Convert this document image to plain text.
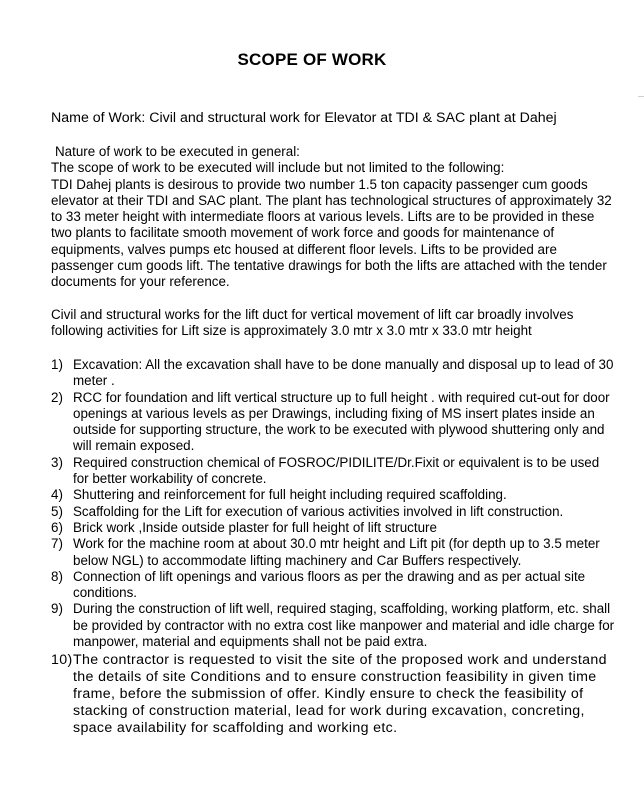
SCOPE OF WORK
Name of Work: Civil and structural work for Elevator at TDI & SAC plant at Dahej
Nature of work to be executed in general:
The scope of work to be executed will include but not limited to the following:
TDI Dahej plants is desirous to provide two number 1.5 ton capacity passenger cum goods elevator at their TDI and SAC plant. The plant has technological structures of approximately 32 to 33 meter height with intermediate floors at various levels. Lifts are to be provided in these two plants to facilitate smooth movement of work force and goods for maintenance of equipments, valves pumps etc housed at different floor levels. Lifts to be provided are passenger cum goods lift. The tentative drawings for both the lifts are attached with the tender documents for your reference.
Civil and structural works for the lift duct for vertical movement of lift car broadly involves following activities for Lift size is approximately 3.0 mtr x 3.0 mtr x 33.0 mtr height
1) Excavation: All the excavation shall have to be done manually and disposal up to lead of 30 meter .
2) RCC for foundation and lift vertical structure up to full height . with required cut-out for door openings at various levels as per Drawings, including fixing of MS insert plates inside an outside for supporting structure, the work to be executed with plywood shuttering only and will remain exposed.
3) Required construction chemical of FOSROC/PIDILITE/Dr.Fixit or equivalent is to be used for better workability of concrete.
4) Shuttering and reinforcement for full height including required scaffolding.
5) Scaffolding for the Lift for execution of various activities involved in lift construction.
6) Brick work ,Inside outside plaster for full height of lift structure
7) Work for the machine room at about 30.0 mtr height and Lift pit (for depth up to 3.5 meter below NGL) to accommodate lifting machinery and Car Buffers respectively.
8) Connection of lift openings and various floors as per the drawing and as per actual site conditions.
9) During the construction of lift well, required staging, scaffolding, working platform, etc. shall be provided by contractor with no extra cost like manpower and material and idle charge for manpower, material and equipments shall not be paid extra.
10) The contractor is requested to visit the site of the proposed work and understand the details of site Conditions and to ensure construction feasibility in given time frame, before the submission of offer. Kindly ensure to check the feasibility of stacking of construction material, lead for work during excavation, concreting, space availability for scaffolding and working etc.
